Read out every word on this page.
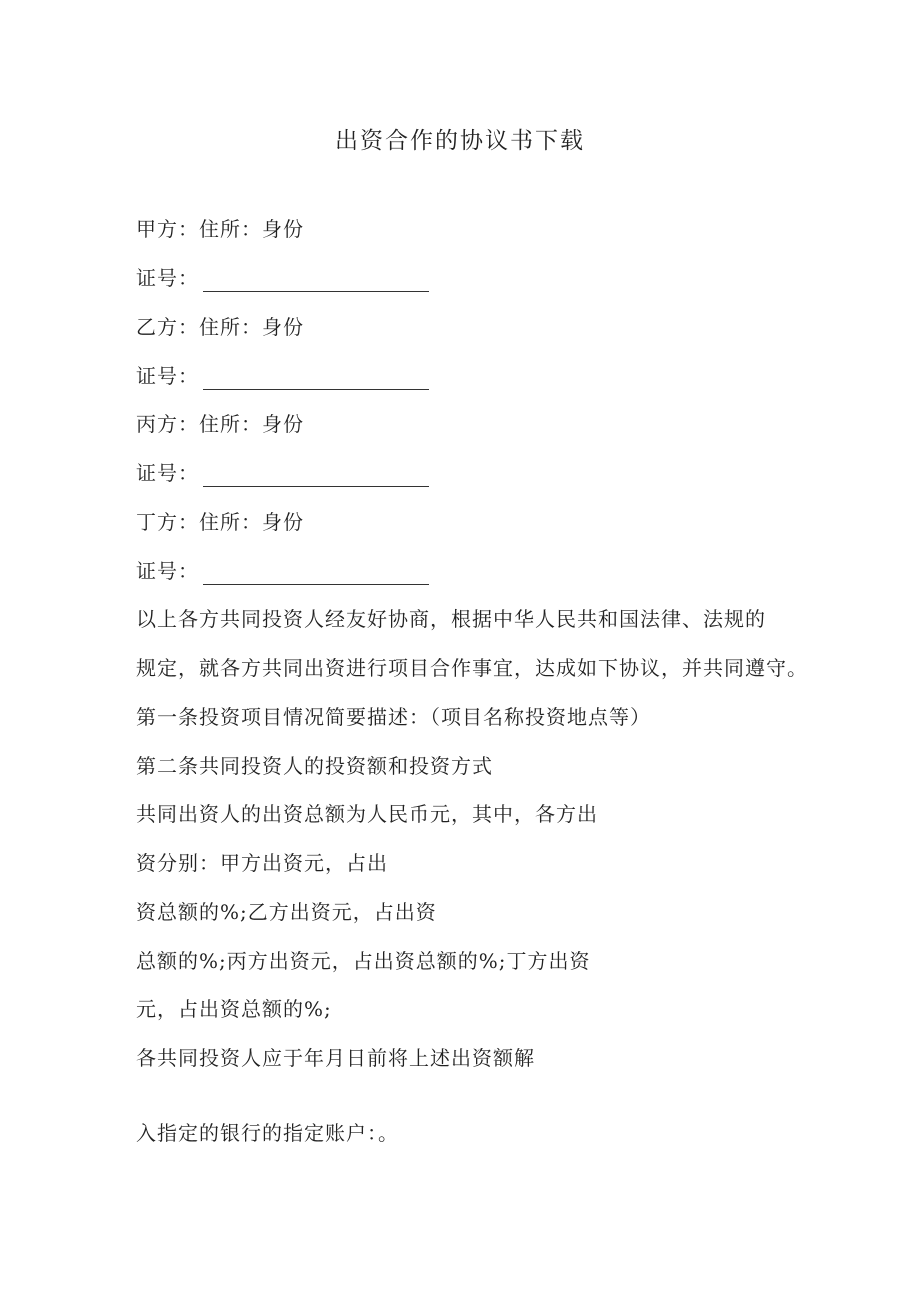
出资合作的协议书下载
甲方：住所：身份
证号：
乙方：住所：身份
证号：
丙方：住所：身份
证号：
丁方：住所：身份
证号：
以上各方共同投资人经友好协商，根据中华人民共和国法律、法规的
规定，就各方共同出资进行项目合作事宜，达成如下协议，并共同遵守。
第一条投资项目情况简要描述：（项目名称投资地点等）
第二条共同投资人的投资额和投资方式
共同出资人的出资总额为人民币元，其中，各方出
资分别：甲方出资元，占出
资总额的%;乙方出资元，占出资
总额的%;丙方出资元，占出资总额的%;丁方出资
元，占出资总额的%;
各共同投资人应于年月日前将上述出资额解
入指定的银行的指定账户：。
